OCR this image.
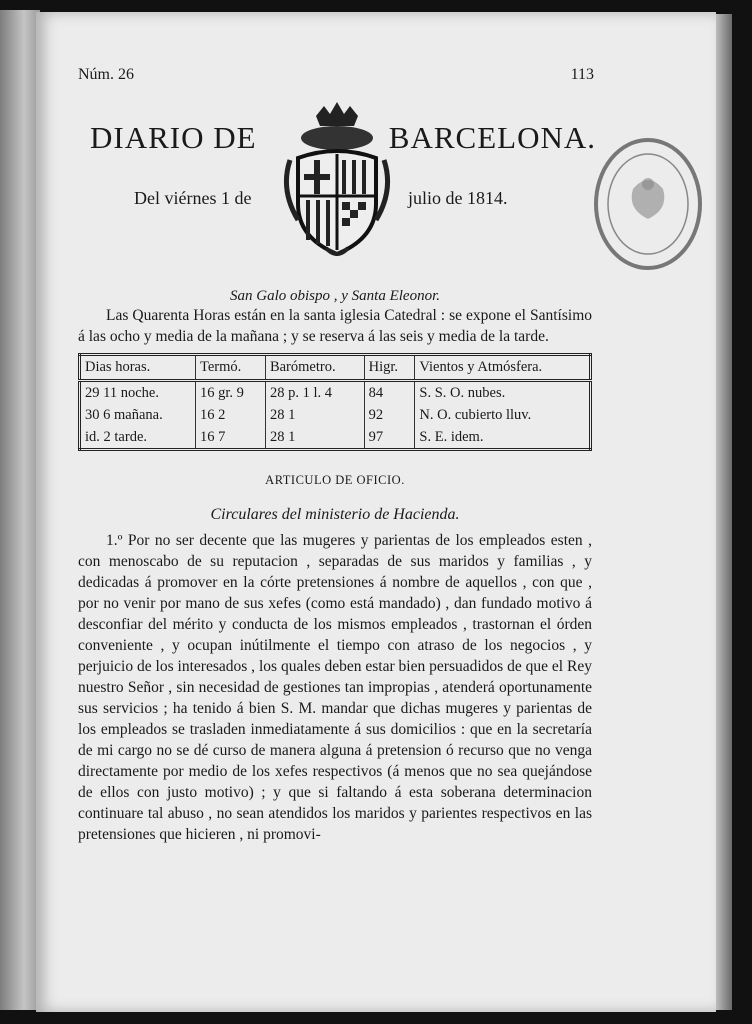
Núm. 26	113
DIARIO DE	BARCELONA.
Del viérnes 1 de	julio de 1814.
San Galo obispo , y Santa Eleonor.
Las Quarenta Horas están en la santa iglesia Catedral : se expone el Santísimo á las ocho y media de la mañana ; y se reserva á las seis y media de la tarde.
Dias horas.	Termó.	Barómetro.	Higr.	Vientos y Atmósfera.
29 11 noche.	16 gr. 9	28 p. 1 l. 4	84	S. S. O. nubes.
30 6 mañana.	16 2	28 1	92	N. O. cubierto lluv.
id. 2 tarde.	16 7	28 1	97	S. E. idem.
ARTICULO DE OFICIO.
Circulares del ministerio de Hacienda.
1.º Por no ser decente que las mugeres y parientas de los empleados esten , con menoscabo de su reputacion , separadas de sus maridos y familias , y dedicadas á promover en la córte pretensiones á nombre de aquellos , con que , por no venir por mano de sus xefes (como está mandado) , dan fundado motivo á desconfiar del mérito y conducta de los mismos empleados , trastornan el órden conveniente , y ocupan inútilmente el tiempo con atraso de los negocios , y perjuicio de los interesados , los quales deben estar bien persuadidos de que el Rey nuestro Señor , sin necesidad de gestiones tan impropias , atenderá oportunamente sus servicios ; ha tenido á bien S. M. mandar que dichas mugeres y parientas de los empleados se trasladen inmediatamente á sus domicilios : que en la secretaría de mi cargo no se dé curso de manera alguna á pretension ó recurso que no venga directamente por medio de los xefes respectivos (á menos que no sea quejándose de ellos con justo motivo) ; y que si faltando á esta soberana determinacion continuare tal abuso , no sean atendidos los maridos y parientes respectivos en las pretensiones que hicieren , ni promovi-
